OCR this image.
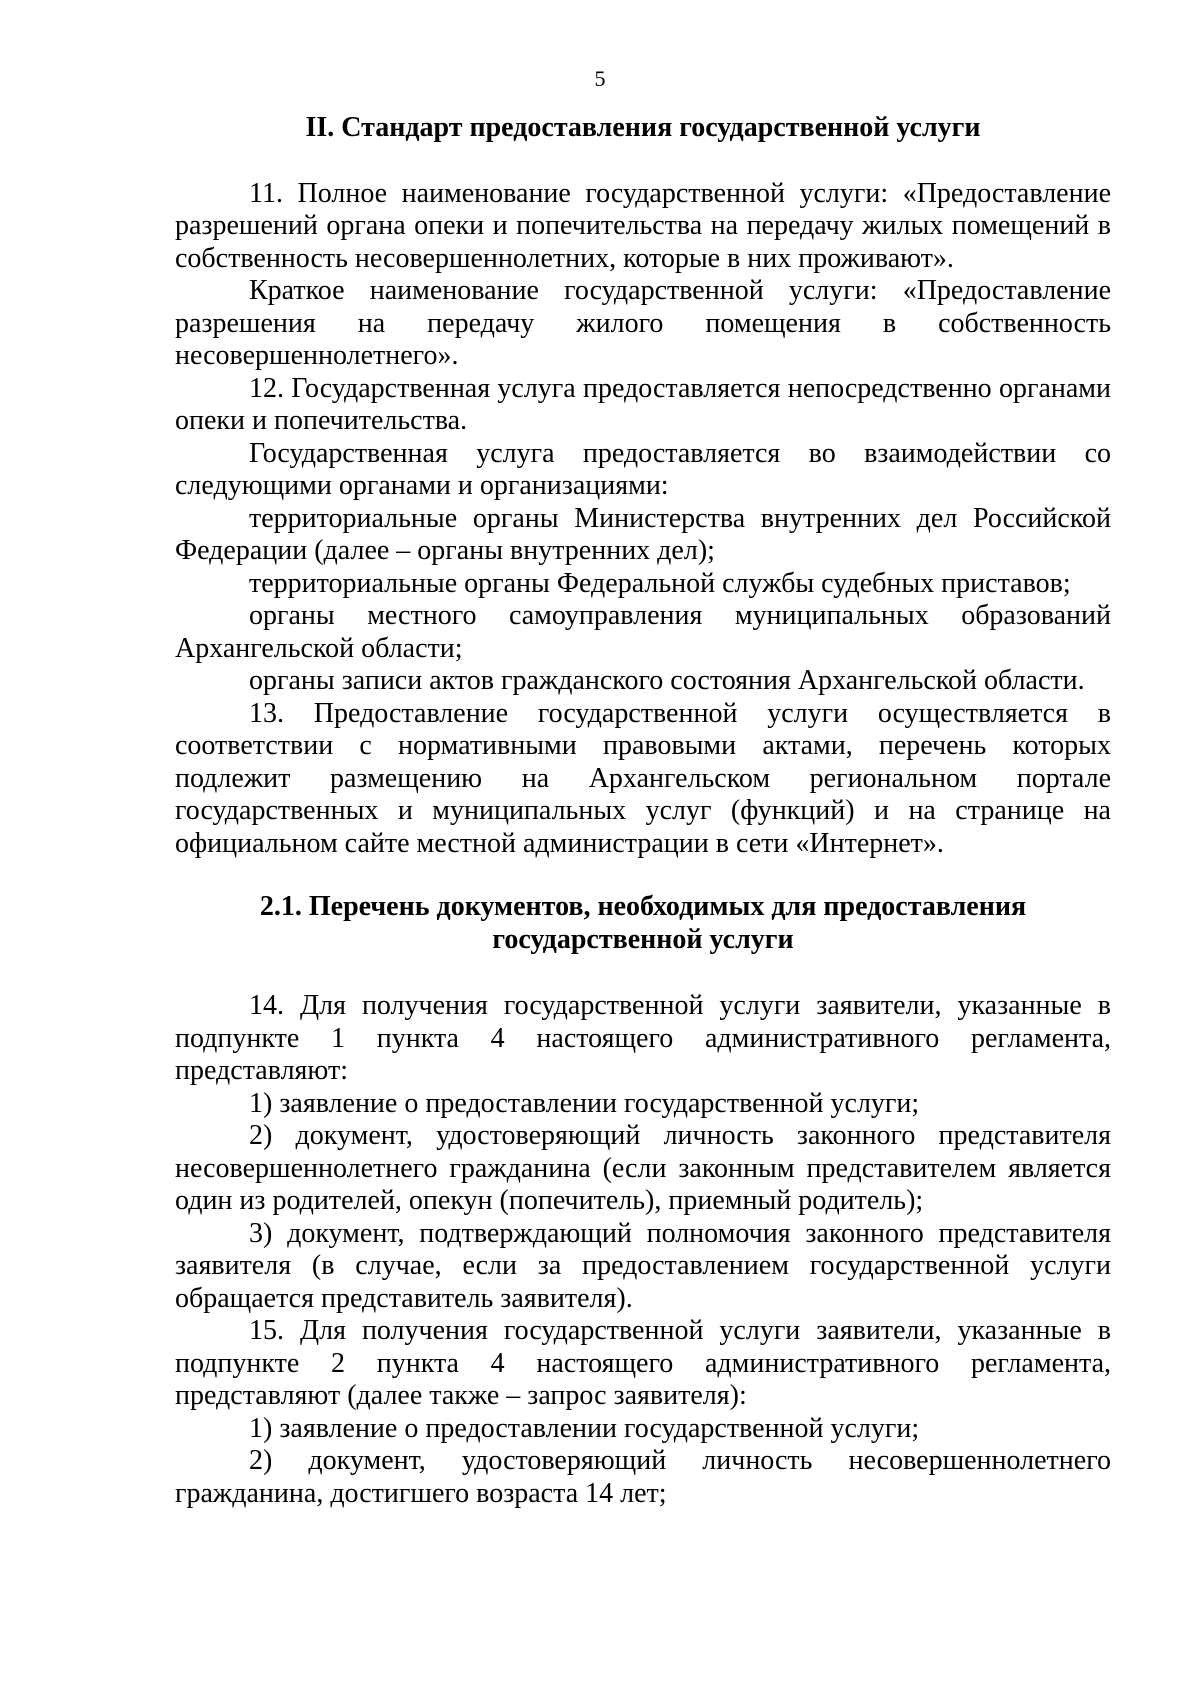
5
II. Стандарт предоставления государственной услуги

11. Полное наименование государственной услуги: «Предоставление разрешений органа опеки и попечительства на передачу жилых помещений в собственность несовершеннолетних, которые в них проживают».

Краткое наименование государственной услуги: «Предоставление разрешения на передачу жилого помещения в собственность несовершеннолетнего».

12. Государственная услуга предоставляется непосредственно органами опеки и попечительства.

Государственная услуга предоставляется во взаимодействии со следующими органами и организациями:

территориальные органы Министерства внутренних дел Российской Федерации (далее – органы внутренних дел);

территориальные органы Федеральной службы судебных приставов;

органы местного самоуправления муниципальных образований Архангельской области;

органы записи актов гражданского состояния Архангельской области.

13. Предоставление государственной услуги осуществляется в соответствии с нормативными правовыми актами, перечень которых подлежит размещению на Архангельском региональном портале государственных и муниципальных услуг (функций) и на странице на официальном сайте местной администрации в сети «Интернет».

2.1. Перечень документов, необходимых для предоставления
государственной услуги

14. Для получения государственной услуги заявители, указанные в подпункте 1 пункта 4 настоящего административного регламента, представляют:

1) заявление о предоставлении государственной услуги;

2) документ, удостоверяющий личность законного представителя несовершеннолетнего гражданина (если законным представителем является один из родителей, опекун (попечитель), приемный родитель);

3) документ, подтверждающий полномочия законного представителя заявителя (в случае, если за предоставлением государственной услуги обращается представитель заявителя).

15. Для получения государственной услуги заявители, указанные в подпункте 2 пункта 4 настоящего административного регламента, представляют (далее также – запрос заявителя):

1) заявление о предоставлении государственной услуги;

2) документ, удостоверяющий личность несовершеннолетнего гражданина, достигшего возраста 14 лет;
